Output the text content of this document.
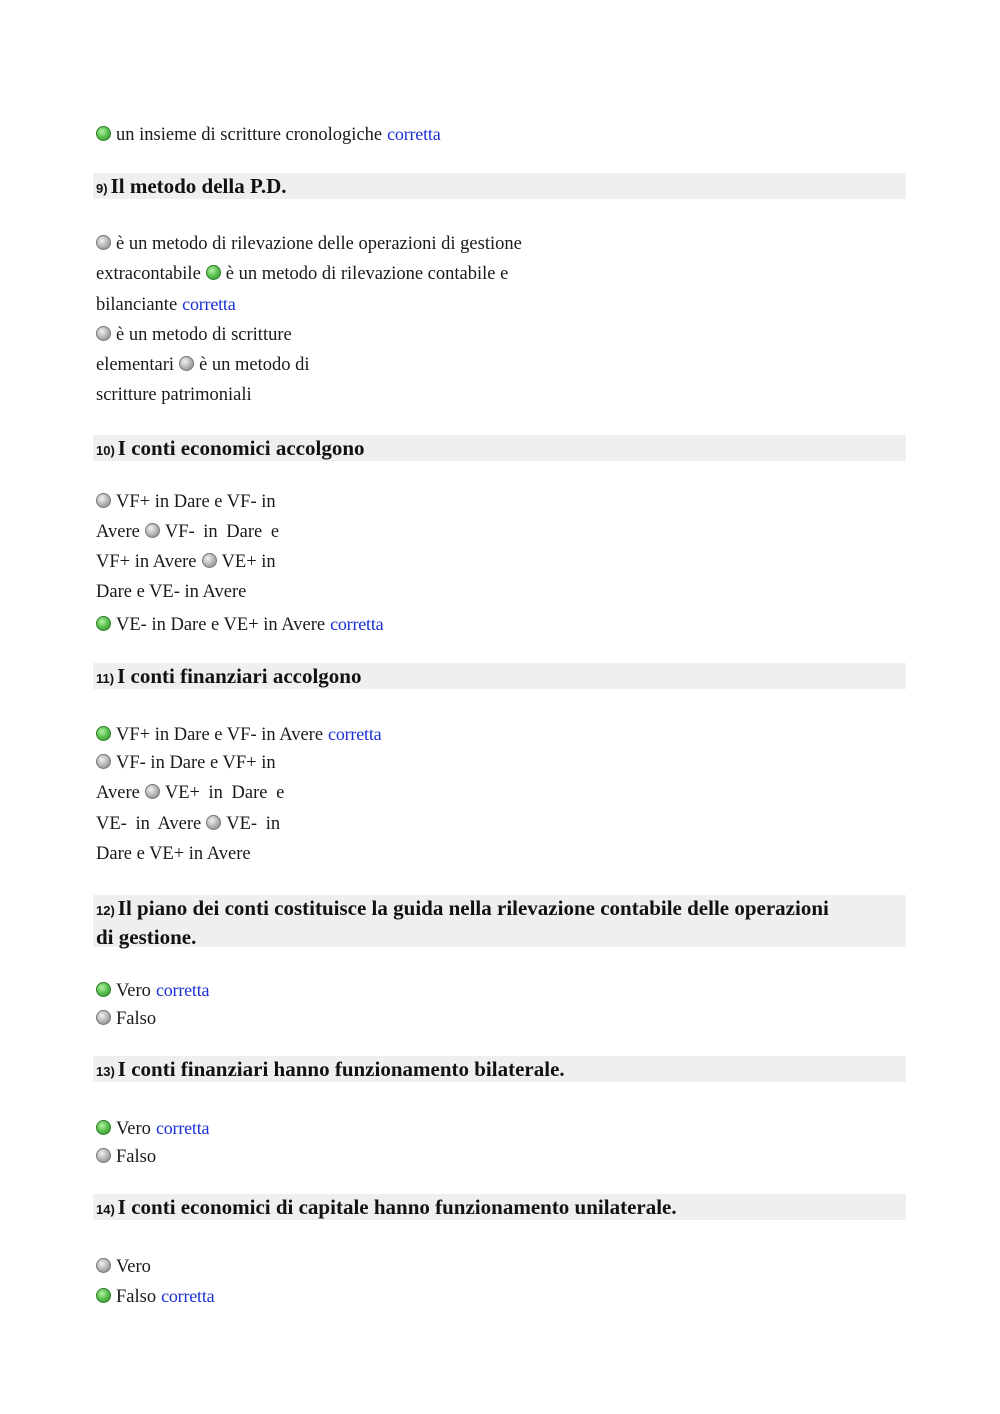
un insieme di scritture cronologiche corretta
9) Il metodo della P.D.
è un metodo di rilevazione delle operazioni di gestione
extracontabile è un metodo di rilevazione contabile e
bilanciante corretta
è un metodo di scritture
elementari è un metodo di
scritture patrimoniali
10) I conti economici accolgono
VF+ in Dare e VF- in
Avere VF- in Dare e
VF+ in Avere VE+ in
Dare e VE- in Avere
VE- in Dare e VE+ in Avere corretta
11) I conti finanziari accolgono
VF+ in Dare e VF- in Avere corretta
VF- in Dare e VF+ in
Avere VE+ in Dare e
VE- in Avere VE- in
Dare e VE+ in Avere
12) Il piano dei conti costituisce la guida nella rilevazione contabile delle operazioni
di gestione.
Vero corretta
Falso
13) I conti finanziari hanno funzionamento bilaterale.
Vero corretta
Falso
14) I conti economici di capitale hanno funzionamento unilaterale.
Vero
Falso corretta
